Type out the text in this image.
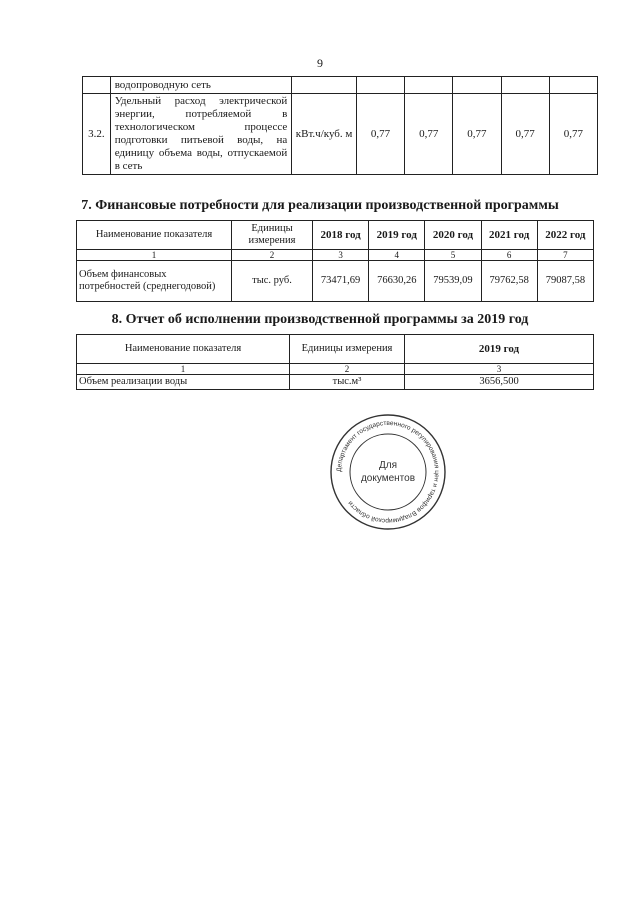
9
	водопроводную сеть						
3.2.	Удельный расход электрической энергии, потребляемой в технологическом процессе подготовки питьевой воды, на единицу объема воды, отпускаемой в сеть	кВт.ч/куб. м	0,77	0,77	0,77	0,77	0,77
7. Финансовые потребности для реализации производственной программы
Наименование показателя	Единицы измерения	2018 год	2019 год	2020 год	2021 год	2022 год
1	2	3	4	5	6	7
Объем финансовых потребностей (среднегодовой)	тыс. руб.	73471,69	76630,26	79539,09	79762,58	79087,58
8. Отчет об исполнении производственной программы за 2019 год
Наименование показателя	Единицы измерения	2019 год
1	2	3
Объем реализации воды	тыс.м³	3656,500
Департамент государственного регулирования цен и тарифов Владимирской области
Для
документов
